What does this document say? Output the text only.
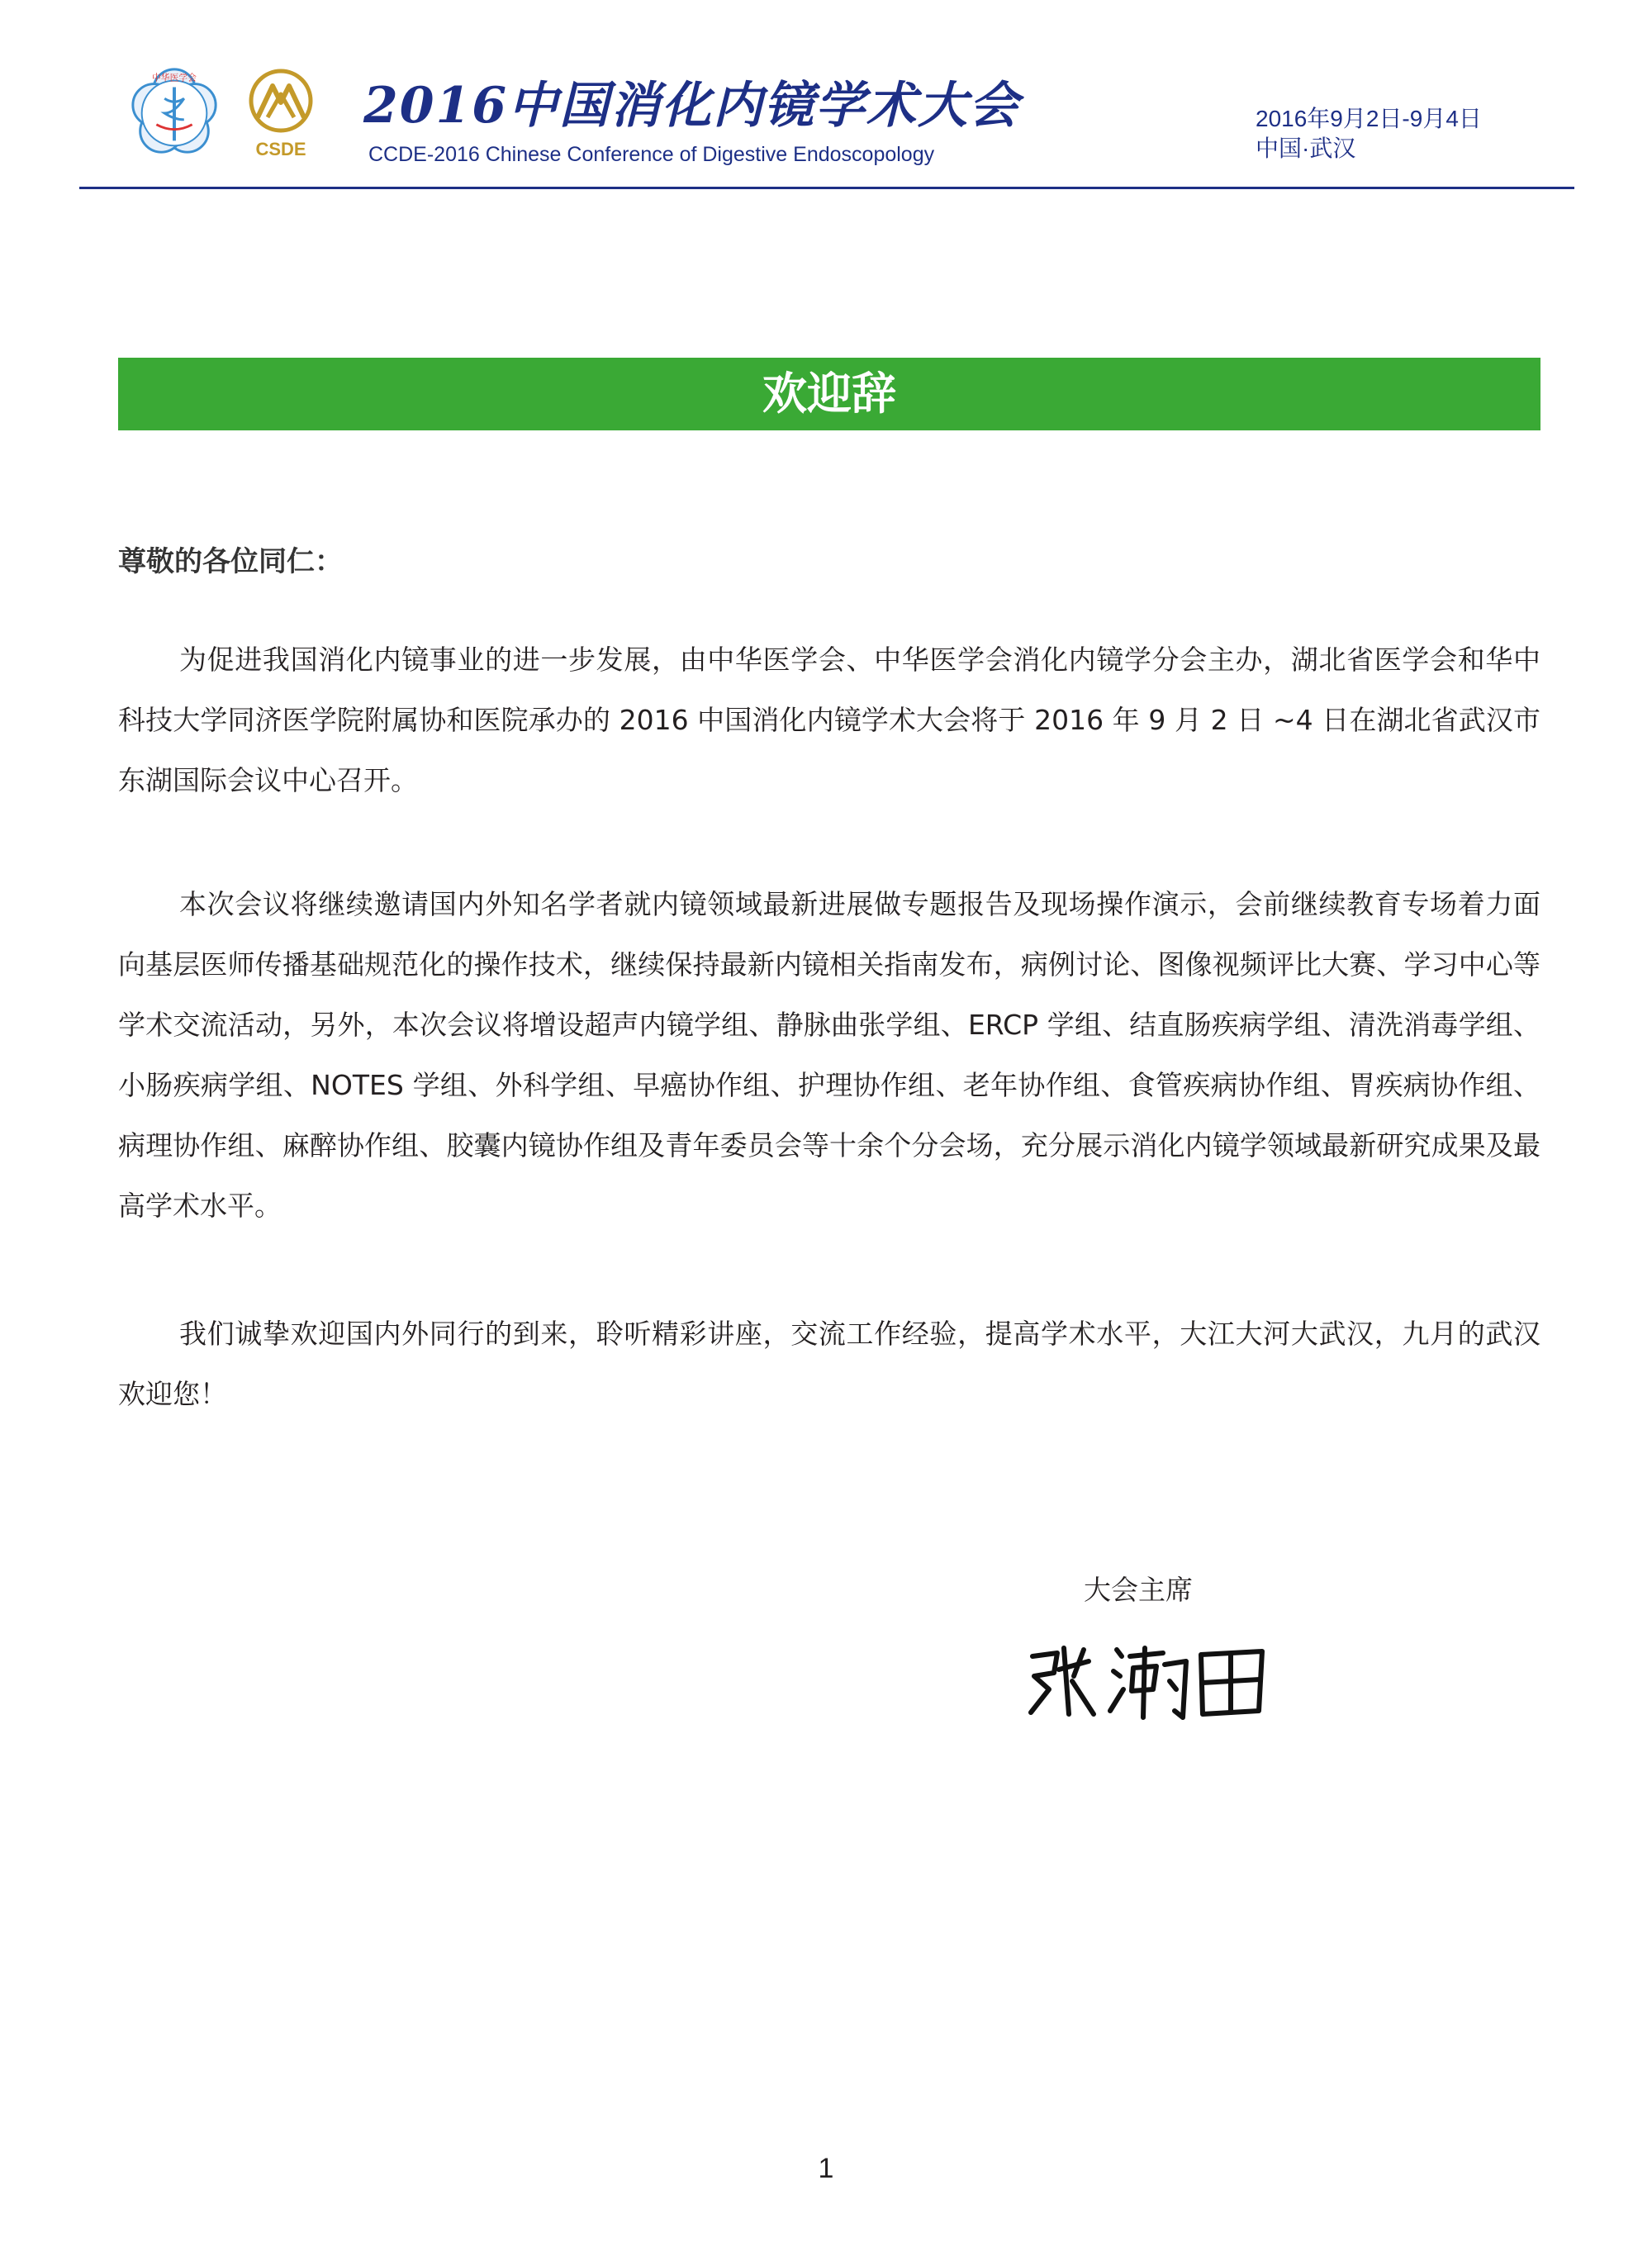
中华医学会
CSDE
2016中国消化内镜学术大会
CCDE-2016 Chinese Conference of Digestive Endoscopology
2016年9月2日-9月4日
中国·武汉
欢迎辞
尊敬的各位同仁：

为促进我国消化内镜事业的进一步发展，由中华医学会、中华医学会消化内镜学分会主办，湖北省医学会和华中科技大学同济医学院附属协和医院承办的 2016 中国消化内镜学术大会将于 2016 年 9 月 2 日 ~4 日在湖北省武汉市东湖国际会议中心召开。

本次会议将继续邀请国内外知名学者就内镜领域最新进展做专题报告及现场操作演示，会前继续教育专场着力面向基层医师传播基础规范化的操作技术，继续保持最新内镜相关指南发布，病例讨论、图像视频评比大赛、学习中心等学术交流活动，另外，本次会议将增设超声内镜学组、静脉曲张学组、ERCP 学组、结直肠疾病学组、清洗消毒学组、小肠疾病学组、NOTES 学组、外科学组、早癌协作组、护理协作组、老年协作组、食管疾病协作组、胃疾病协作组、病理协作组、麻醉协作组、胶囊内镜协作组及青年委员会等十余个分会场，充分展示消化内镜学领域最新研究成果及最高学术水平。

我们诚挚欢迎国内外同行的到来，聆听精彩讲座，交流工作经验，提高学术水平，大江大河大武汉，九月的武汉欢迎您！

大会主席
1
